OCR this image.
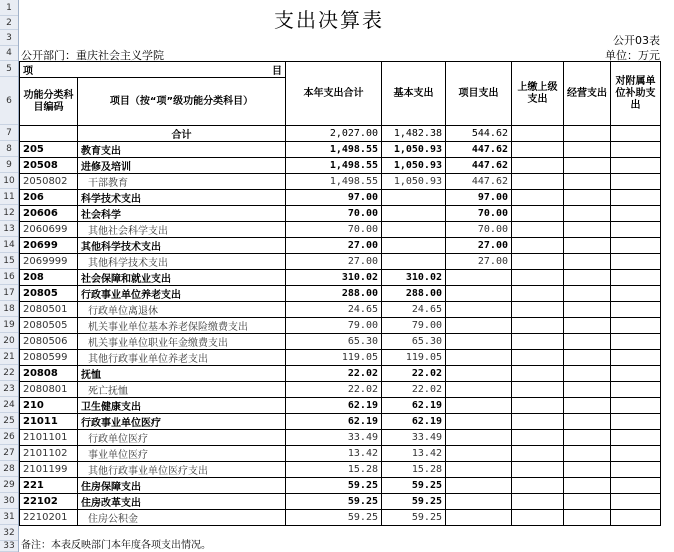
1
2
3
4
5
6
7
8
9
10
11
12
13
14
15
16
17
18
19
20
21
22
23
24
25
26
27
28
29
30
31
32
33
支出决算表
公开03表
公开部门：重庆社会主义学院	单位：万元
项	目	本年支出合计	基本支出	项目支出	上缴上级支出	经营支出	对附属单位补助支出
功能分类科目编码	项目（按“项”级功能分类科目）						
	合计	2,027.00	1,482.38	544.62			
205	教育支出	1,498.55	1,050.93	447.62			
20508	进修及培训	1,498.55	1,050.93	447.62			
2050802	干部教育	1,498.55	1,050.93	447.62			
206	科学技术支出	97.00		97.00			
20606	社会科学	70.00		70.00			
2060699	其他社会科学支出	70.00		70.00			
20699	其他科学技术支出	27.00		27.00			
2069999	其他科学技术支出	27.00		27.00			
208	社会保障和就业支出	310.02	310.02				
20805	行政事业单位养老支出	288.00	288.00				
2080501	行政单位离退休	24.65	24.65				
2080505	机关事业单位基本养老保险缴费支出	79.00	79.00				
2080506	机关事业单位职业年金缴费支出	65.30	65.30				
2080599	其他行政事业单位养老支出	119.05	119.05				
20808	抚恤	22.02	22.02				
2080801	死亡抚恤	22.02	22.02				
210	卫生健康支出	62.19	62.19				
21011	行政事业单位医疗	62.19	62.19				
2101101	行政单位医疗	33.49	33.49				
2101102	事业单位医疗	13.42	13.42				
2101199	其他行政事业单位医疗支出	15.28	15.28				
221	住房保障支出	59.25	59.25				
22102	住房改革支出	59.25	59.25				
2210201	住房公积金	59.25	59.25				
备注：本表反映部门本年度各项支出情况。
